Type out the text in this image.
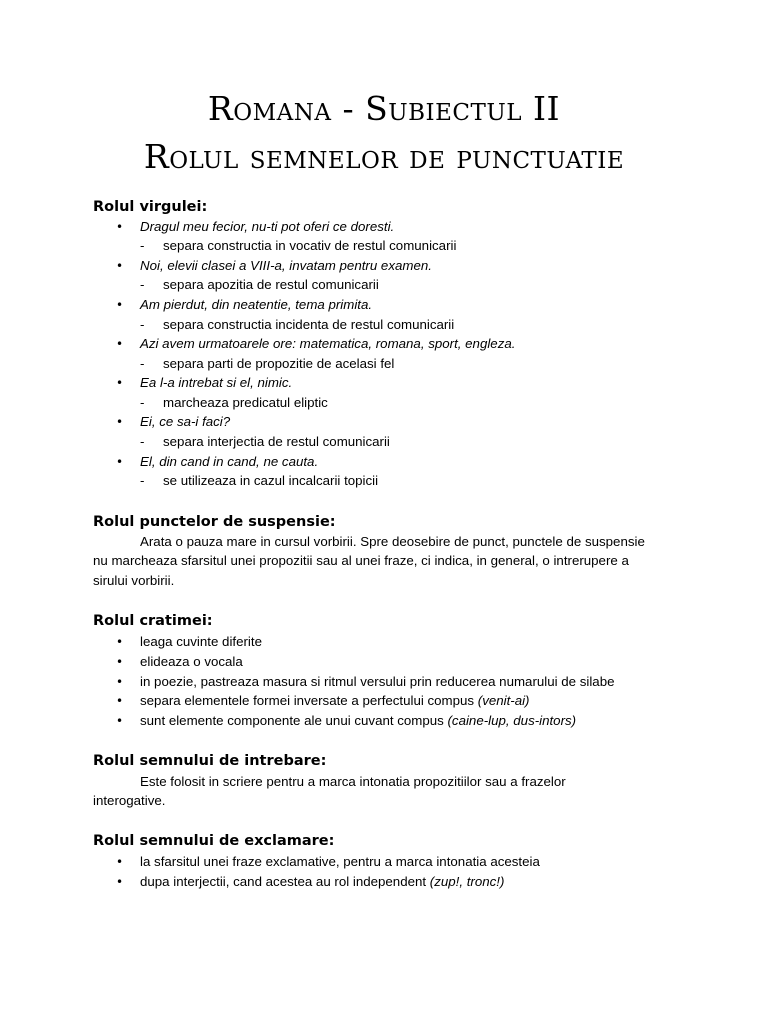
Romana - Subiectul II
Rolul semnelor de punctuatie
Rolul virgulei:
• Dragul meu fecior, nu-ti pot oferi ce doresti.
- separa constructia in vocativ de restul comunicarii
• Noi, elevii clasei a VIII-a, invatam pentru examen.
- separa apozitia de restul comunicarii
• Am pierdut, din neatentie, tema primita.
- separa constructia incidenta de restul comunicarii
• Azi avem urmatoarele ore: matematica, romana, sport, engleza.
- separa parti de propozitie de acelasi fel
• Ea l-a intrebat si el, nimic.
- marcheaza predicatul eliptic
• Ei, ce sa-i faci?
- separa interjectia de restul comunicarii
• El, din cand in cand, ne cauta.
- se utilizeaza in cazul incalcarii topicii
Rolul punctelor de suspensie:
Arata o pauza mare in cursul vorbirii. Spre deosebire de punct, punctele de suspensie
nu marcheaza sfarsitul unei propozitii sau al unei fraze, ci indica, in general, o intrerupere a
sirului vorbirii.
Rolul cratimei:
• leaga cuvinte diferite
• elideaza o vocala
• in poezie, pastreaza masura si ritmul versului prin reducerea numarului de silabe
• separa elementele formei inversate a perfectului compus (venit-ai)
• sunt elemente componente ale unui cuvant compus (caine-lup, dus-intors)
Rolul semnului de intrebare:
Este folosit in scriere pentru a marca intonatia propozitiilor sau a frazelor
interogative.
Rolul semnului de exclamare:
• la sfarsitul unei fraze exclamative, pentru a marca intonatia acesteia
• dupa interjectii, cand acestea au rol independent (zup!, tronc!)
